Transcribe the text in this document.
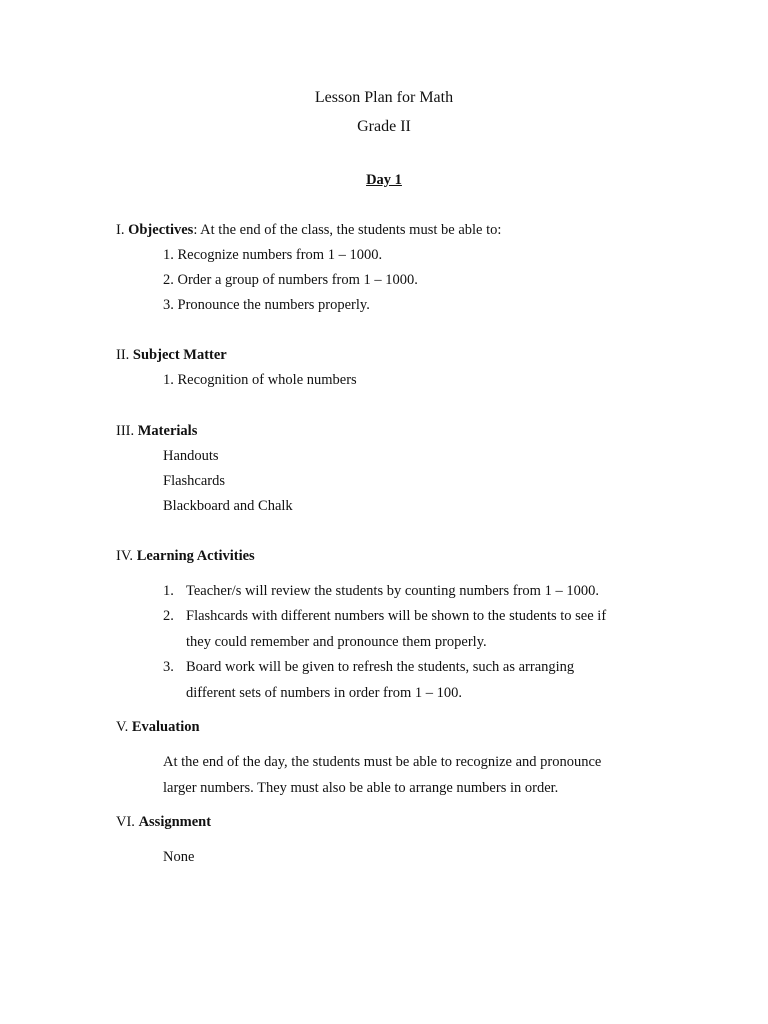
Lesson Plan for Math
Grade II
Day 1
I. Objectives: At the end of the class, the students must be able to:
1. Recognize numbers from 1 – 1000.
2. Order a group of numbers from 1 – 1000.
3. Pronounce the numbers properly.
II. Subject Matter
1. Recognition of whole numbers
III. Materials
Handouts
Flashcards
Blackboard and Chalk
IV. Learning Activities
1. Teacher/s will review the students by counting numbers from 1 – 1000.
2. Flashcards with different numbers will be shown to the students to see if
they could remember and pronounce them properly.
3. Board work will be given to refresh the students, such as arranging
different sets of numbers in order from 1 – 100.
V. Evaluation
At the end of the day, the students must be able to recognize and pronounce
larger numbers. They must also be able to arrange numbers in order.
VI. Assignment
None
